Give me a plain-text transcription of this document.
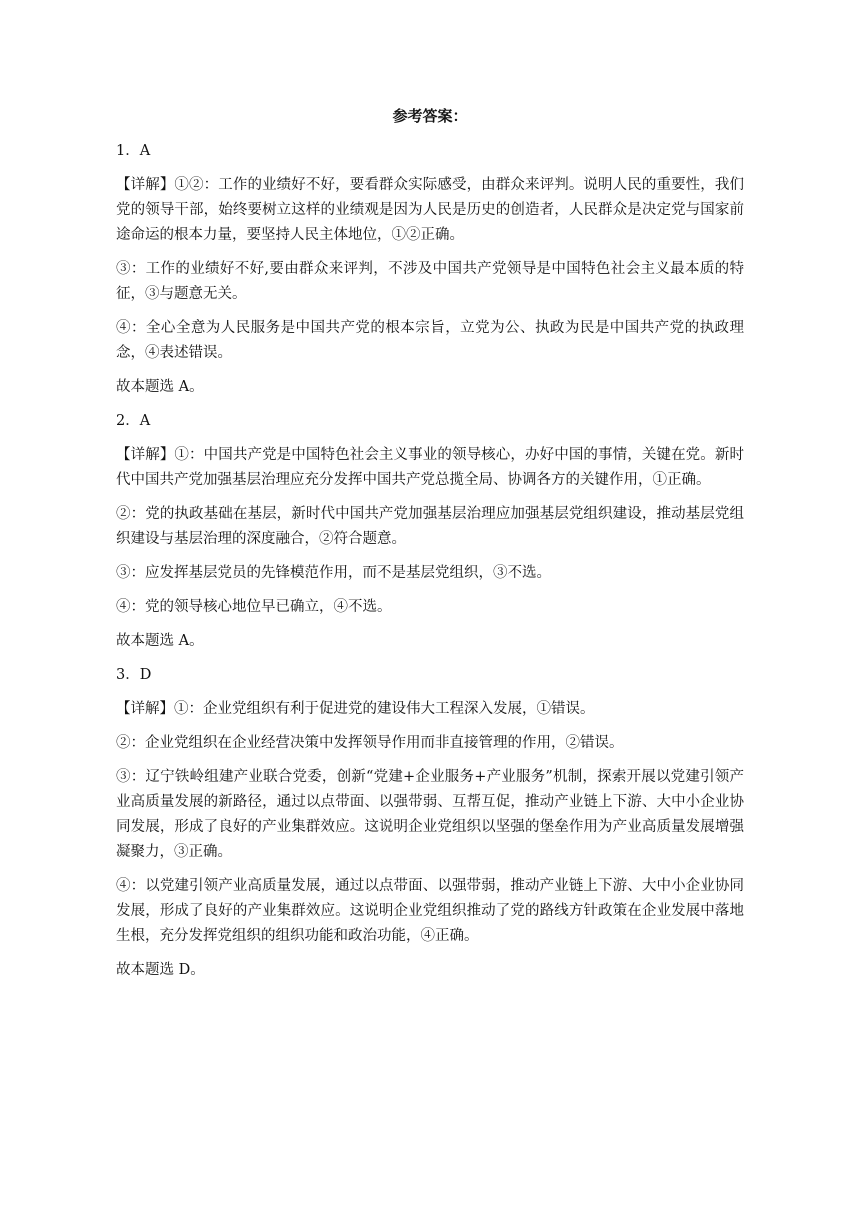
参考答案：
1．A
【详解】①②：工作的业绩好不好，要看群众实际感受，由群众来评判。说明人民的重要性，我们党的领导干部，始终要树立这样的业绩观是因为人民是历史的创造者，人民群众是决定党与国家前途命运的根本力量，要坚持人民主体地位，①②正确。
③：工作的业绩好不好,要由群众来评判，不涉及中国共产党领导是中国特色社会主义最本质的特征，③与题意无关。
④：全心全意为人民服务是中国共产党的根本宗旨，立党为公、执政为民是中国共产党的执政理念，④表述错误。
故本题选 A。
2．A
【详解】①：中国共产党是中国特色社会主义事业的领导核心，办好中国的事情，关键在党。新时代中国共产党加强基层治理应充分发挥中国共产党总揽全局、协调各方的关键作用，①正确。
②：党的执政基础在基层，新时代中国共产党加强基层治理应加强基层党组织建设，推动基层党组织建设与基层治理的深度融合，②符合题意。
③：应发挥基层党员的先锋模范作用，而不是基层党组织，③不选。
④：党的领导核心地位早已确立，④不选。
故本题选 A。
3．D
【详解】①：企业党组织有利于促进党的建设伟大工程深入发展，①错误。
②：企业党组织在企业经营决策中发挥领导作用而非直接管理的作用，②错误。
③：辽宁铁岭组建产业联合党委，创新“党建+企业服务+产业服务”机制，探索开展以党建引领产业高质量发展的新路径，通过以点带面、以强带弱、互帮互促，推动产业链上下游、大中小企业协同发展，形成了良好的产业集群效应。这说明企业党组织以坚强的堡垒作用为产业高质量发展增强凝聚力，③正确。
④：以党建引领产业高质量发展，通过以点带面、以强带弱，推动产业链上下游、大中小企业协同发展，形成了良好的产业集群效应。这说明企业党组织推动了党的路线方针政策在企业发展中落地生根，充分发挥党组织的组织功能和政治功能，④正确。
故本题选 D。
